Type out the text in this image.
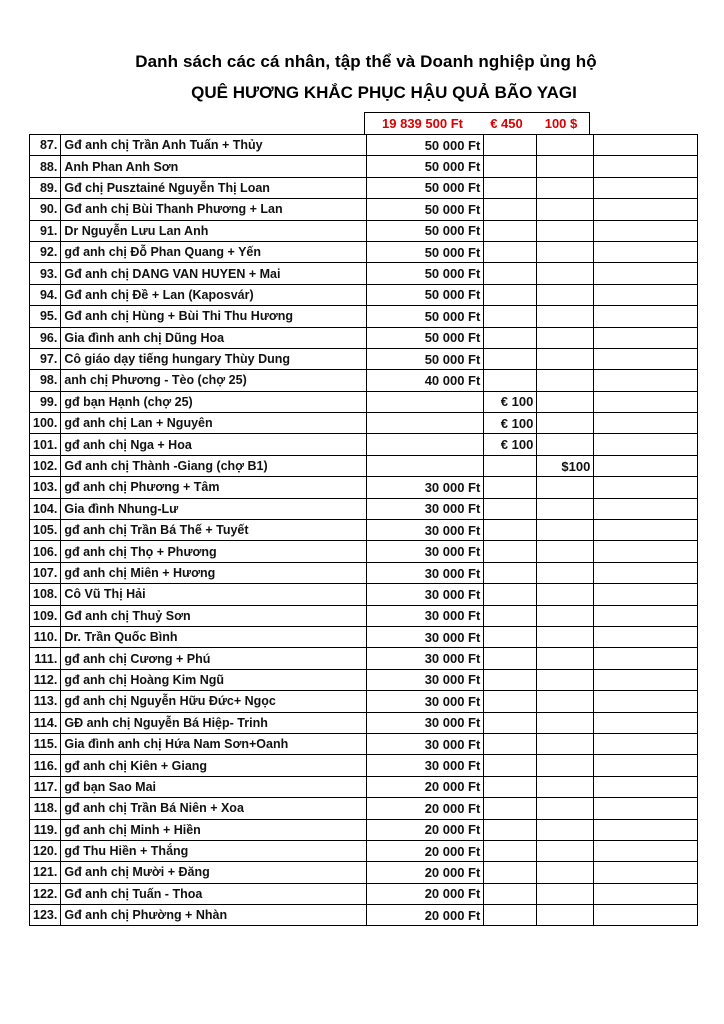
Danh sách các cá nhân, tập thể và Doanh nghiệp ủng hộ
QUÊ HƯƠNG KHẮC PHỤC HẬU QUẢ BÃO YAGI
19 839 500 Ft	€ 450	100 $
87.	Gđ anh chị Trần Anh Tuấn + Thủy	50 000 Ft			
88.	Anh Phan Anh Sơn	50 000 Ft			
89.	Gđ chị Pusztainé Nguyễn Thị Loan	50 000 Ft			
90.	Gđ anh chị Bùi Thanh Phương + Lan	50 000 Ft			
91.	Dr Nguyễn Lưu Lan Anh	50 000 Ft			
92.	gđ anh chị Đỗ Phan Quang + Yến	50 000 Ft			
93.	Gđ anh chị DANG VAN HUYEN + Mai	50 000 Ft			
94.	Gđ anh chị Đề + Lan (Kaposvár)	50 000 Ft			
95.	Gđ anh chị Hùng + Bùi Thi Thu Hương	50 000 Ft			
96.	Gia đình anh chị Dũng Hoa	50 000 Ft			
97.	Cô giáo dạy tiếng hungary Thùy Dung	50 000 Ft			
98.	anh chị Phương - Tèo (chợ 25)	40 000 Ft			
99.	gđ bạn Hạnh (chợ 25)		€ 100		
100.	gđ anh chị Lan + Nguyên		€ 100		
101.	gđ anh chị Nga + Hoa		€ 100		
102.	Gđ anh chị Thành -Giang (chợ B1)			$100	
103.	gđ anh chị Phương + Tâm	30 000 Ft			
104.	Gia đình Nhung-Lư	30 000 Ft			
105.	gđ anh chị Trần Bá Thế + Tuyết	30 000 Ft			
106.	gđ anh chị Thọ + Phương	30 000 Ft			
107.	gđ anh chị Miên + Hương	30 000 Ft			
108.	Cô Vũ Thị Hải	30 000 Ft			
109.	Gđ anh chị Thuỷ Sơn	30 000 Ft			
110.	Dr. Trần Quốc Bình	30 000 Ft			
111.	gđ anh chị Cương + Phú	30 000 Ft			
112.	gđ anh chị Hoàng Kim Ngũ	30 000 Ft			
113.	gđ anh chị Nguyễn Hữu Đức+ Ngọc	30 000 Ft			
114.	GĐ anh chị Nguyễn Bá Hiệp- Trinh	30 000 Ft			
115.	Gia đình anh chị Hứa Nam Sơn+Oanh	30 000 Ft			
116.	gđ anh chị Kiên + Giang	30 000 Ft			
117.	gđ bạn Sao Mai	20 000 Ft			
118.	gđ anh chị Trần Bá Niên + Xoa	20 000 Ft			
119.	gđ anh chị Minh + Hiền	20 000 Ft			
120.	gđ Thu Hiền + Thắng	20 000 Ft			
121.	Gđ anh chị Mười + Đăng	20 000 Ft			
122.	Gđ anh chị Tuấn - Thoa	20 000 Ft			
123.	Gđ anh chị Phường + Nhàn	20 000 Ft			
